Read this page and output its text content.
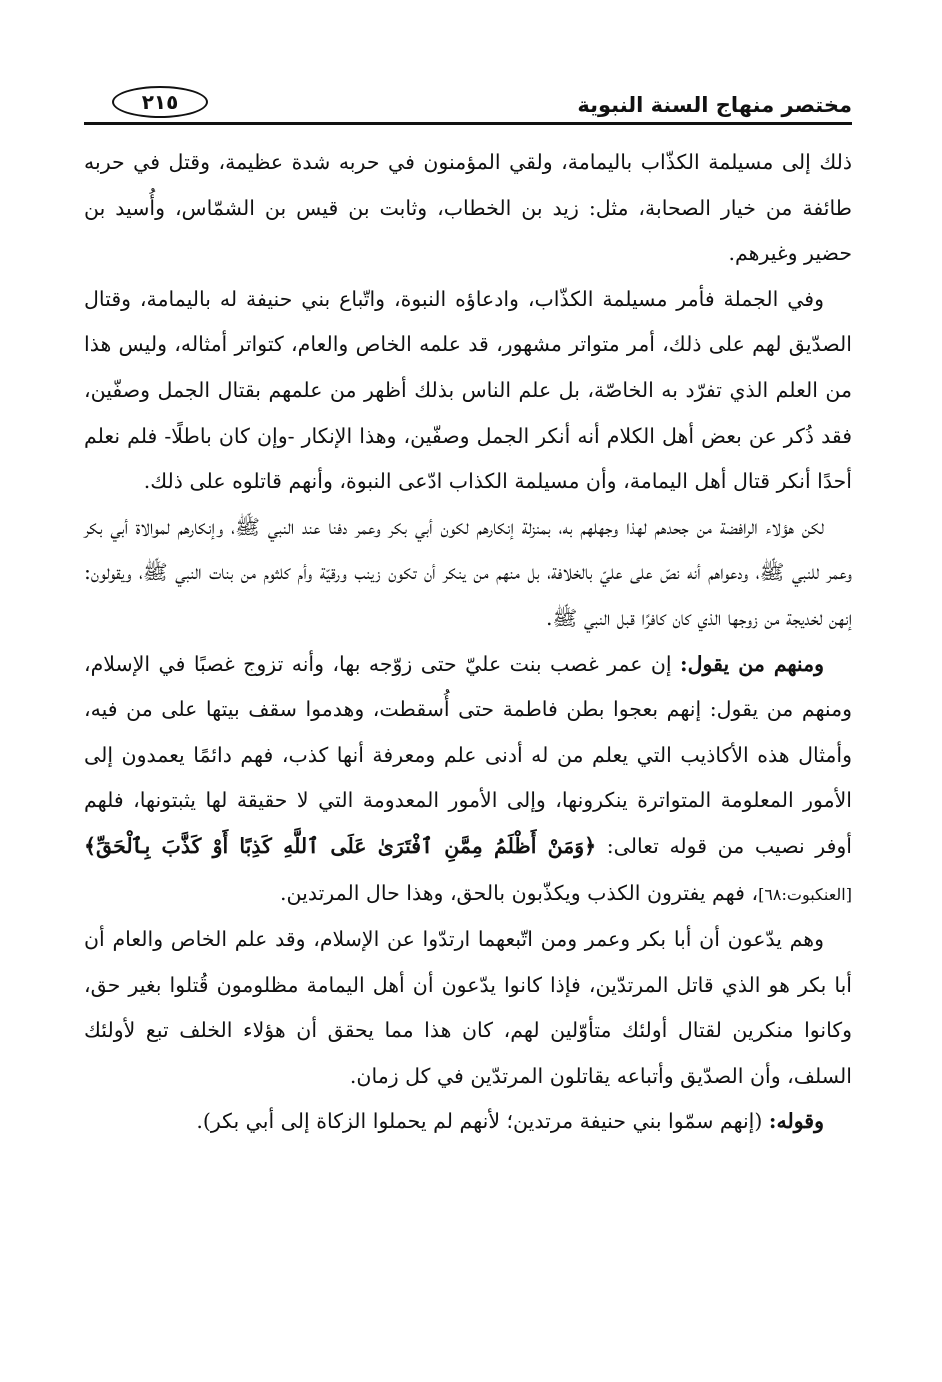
مختصر منهاج السنة النبوية
٢١٥

ذلك إلى مسيلمة الكذّاب باليمامة، ولقي المؤمنون في حربه شدة عظيمة، وقتل في حربه طائفة من خيار الصحابة، مثل: زيد بن الخطاب، وثابت بن قيس بن الشمّاس، وأُسيد بن حضير وغيرهم.

وفي الجملة فأمر مسيلمة الكذّاب، وادعاؤه النبوة، واتّباع بني حنيفة له باليمامة، وقتال الصدّيق لهم على ذلك، أمر متواتر مشهور، قد علمه الخاص والعام، كتواتر أمثاله، وليس هذا من العلم الذي تفرّد به الخاصّة، بل علم الناس بذلك أظهر من علمهم بقتال الجمل وصفّين، فقد ذُكر عن بعض أهل الكلام أنه أنكر الجمل وصفّين، وهذا الإنكار -وإن كان باطلًا- فلم نعلم أحدًا أنكر قتال أهل اليمامة، وأن مسيلمة الكذاب ادّعى النبوة، وأنهم قاتلوه على ذلك.

لكن هؤلاء الرافضة من جحدهم لهذا وجهلهم به، بمنزلة إنكارهم لكون أبي بكر وعمر دفنا عند النبي ﷺ، وإنكارهم لموالاة أبي بكر وعمر للنبي ﷺ، ودعواهم أنه نصّ على عليّ بالخلافة، بل منهم من ينكر أن تكون زينب ورقيّة وأم كلثوم من بنات النبي ﷺ، ويقولون: إنهن لخديجة من زوجها الذي كان كافرًا قبل النبي ﷺ.

ومنهم من يقول: إن عمر غصب بنت عليّ حتى زوّجه بها، وأنه تزوج غصبًا في الإسلام، ومنهم من يقول: إنهم بعجوا بطن فاطمة حتى أُسقطت، وهدموا سقف بيتها على من فيه، وأمثال هذه الأكاذيب التي يعلم من له أدنى علم ومعرفة أنها كذب، فهم دائمًا يعمدون إلى الأمور المعلومة المتواترة ينكرونها، وإلى الأمور المعدومة التي لا حقيقة لها يثبتونها، فلهم أوفر نصيب من قوله تعالى: ﴿وَمَنْ أَظْلَمُ مِمَّنِ ٱفْتَرَىٰ عَلَى ٱللَّهِ كَذِبًا أَوْ كَذَّبَ بِٱلْحَقِّ﴾ [العنكبوت:٦٨]، فهم يفترون الكذب ويكذّبون بالحق، وهذا حال المرتدين.

وهم يدّعون أن أبا بكر وعمر ومن اتّبعهما ارتدّوا عن الإسلام، وقد علم الخاص والعام أن أبا بكر هو الذي قاتل المرتدّين، فإذا كانوا يدّعون أن أهل اليمامة مظلومون قُتلوا بغير حق، وكانوا منكرين لقتال أولئك متأوّلين لهم، كان هذا مما يحقق أن هؤلاء الخلف تبع لأولئك السلف، وأن الصدّيق وأتباعه يقاتلون المرتدّين في كل زمان.

وقوله: (إنهم سمّوا بني حنيفة مرتدين؛ لأنهم لم يحملوا الزكاة إلى أبي بكر).
